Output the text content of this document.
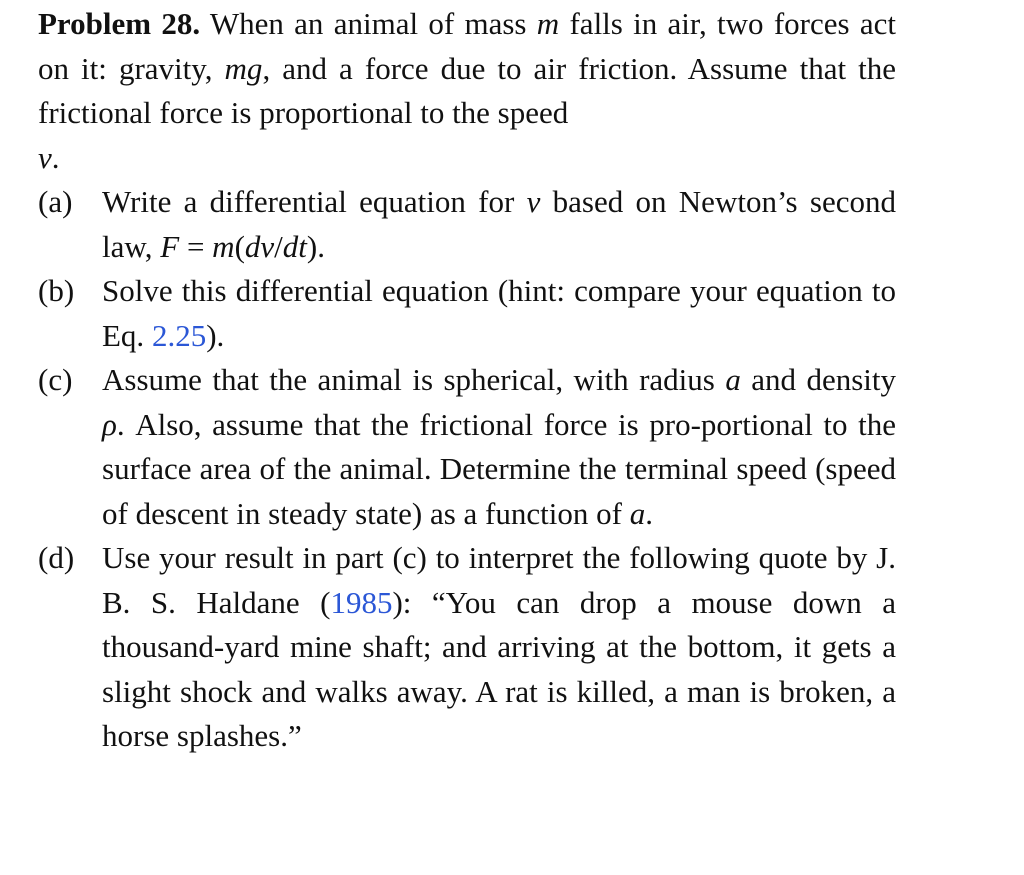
Problem 28. When an animal of mass m falls in air, two forces act on it: gravity, mg, and a force due to air friction. Assume that the frictional force is proportional to the speed
v.

(a) Write a differential equation for v based on Newton’s second law, F = m(dv/dt).

(b) Solve this differential equation (hint: compare your equation to Eq. 2.25).

(c) Assume that the animal is spherical, with radius a and density ρ. Also, assume that the frictional force is pro-portional to the surface area of the animal. Determine the terminal speed (speed of descent in steady state) as a function of a.

(d) Use your result in part (c) to interpret the following quote by J. B. S. Haldane (1985): “You can drop a mouse down a thousand-yard mine shaft; and arriving at the bottom, it gets a slight shock and walks away. A rat is killed, a man is broken, a horse splashes.”
